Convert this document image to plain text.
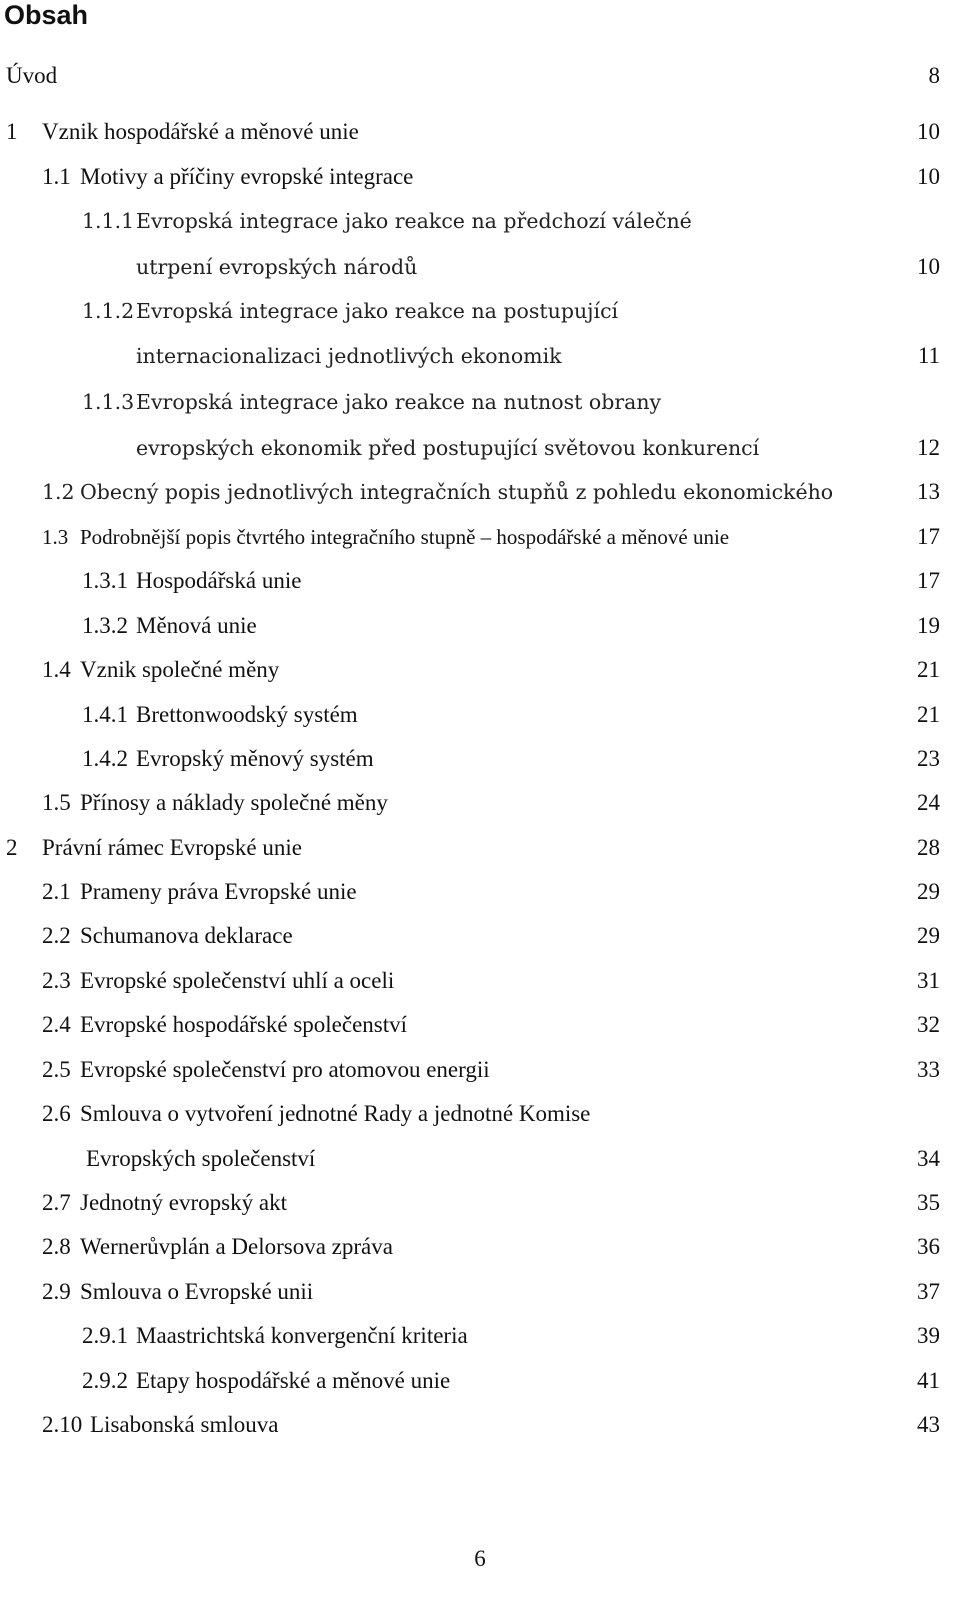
Obsah
Úvod	8
1 Vznik hospodářské a měnové unie	10
1.1 Motivy a příčiny evropské integrace	10
1.1.1 Evropská integrace jako reakce na předchozí válečné
utrpení evropských národů	10
1.1.2 Evropská integrace jako reakce na postupující
internacionalizaci jednotlivých ekonomik	11
1.1.3 Evropská integrace jako reakce na nutnost obrany
evropských ekonomik před postupující světovou konkurencí	12
1.2 Obecný popis jednotlivých integračních stupňů z pohledu ekonomického	13
1.3 Podrobnější popis čtvrtého integračního stupně – hospodářské a měnové unie	17
1.3.1 Hospodářská unie	17
1.3.2 Měnová unie	19
1.4 Vznik společné měny	21
1.4.1 Brettonwoodský systém	21
1.4.2 Evropský měnový systém	23
1.5 Přínosy a náklady společné měny	24
2 Právní rámec Evropské unie	28
2.1 Prameny práva Evropské unie	29
2.2 Schumanova deklarace	29
2.3 Evropské společenství uhlí a oceli	31
2.4 Evropské hospodářské společenství	32
2.5 Evropské společenství pro atomovou energii	33
2.6 Smlouva o vytvoření jednotné Rady a jednotné Komise
Evropských společenství	34
2.7 Jednotný evropský akt	35
2.8 Wernerůvplán a Delorsova zpráva	36
2.9 Smlouva o Evropské unii	37
2.9.1 Maastrichtská konvergenční kriteria	39
2.9.2 Etapy hospodářské a měnové unie	41
2.10 Lisabonská smlouva	43
6
